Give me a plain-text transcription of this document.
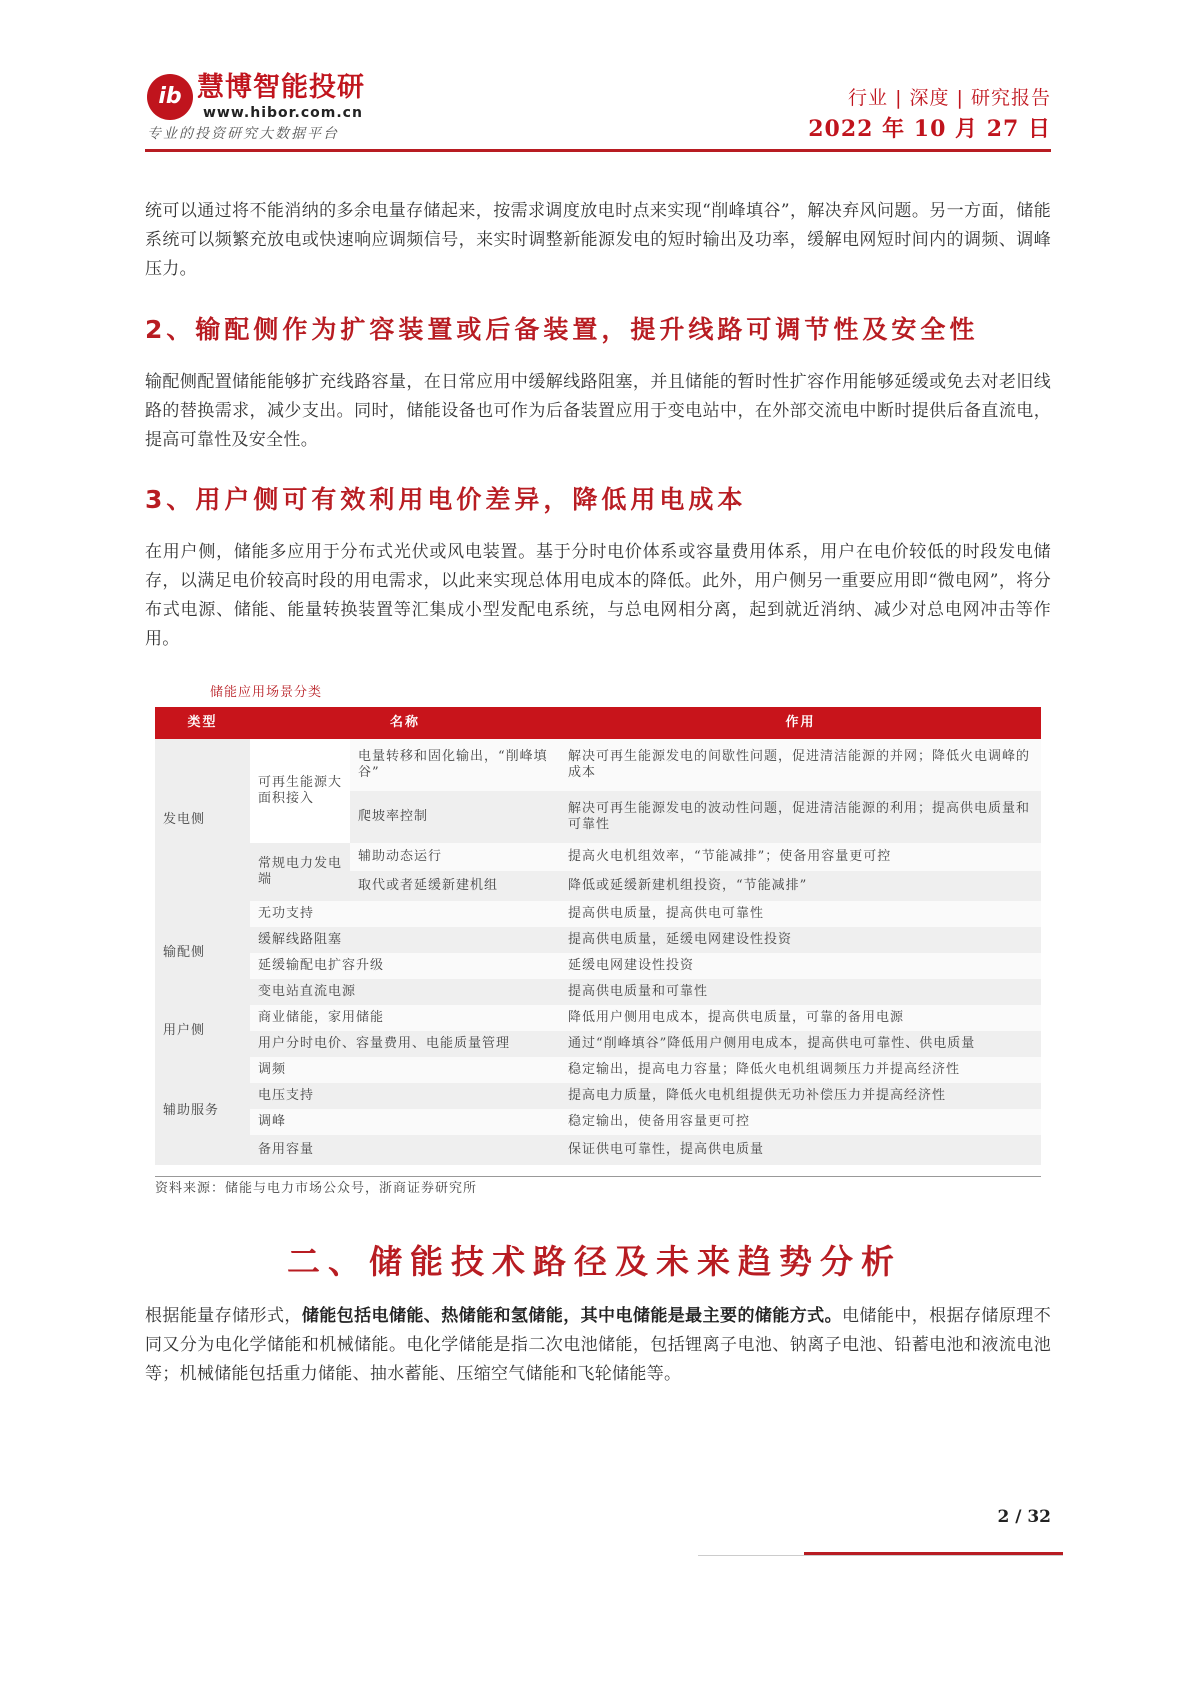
ib 慧博智能投研
www.hibor.com.cn
专业的投资研究大数据平台
行业 | 深度 | 研究报告
2022 年 10 月 27 日
统可以通过将不能消纳的多余电量存储起来，按需求调度放电时点来实现“削峰填谷”，解决弃风问题。另一方面，储能系统可以频繁充放电或快速响应调频信号，来实时调整新能源发电的短时输出及功率，缓解电网短时间内的调频、调峰压力。
2、输配侧作为扩容装置或后备装置，提升线路可调节性及安全性
输配侧配置储能能够扩充线路容量，在日常应用中缓解线路阻塞，并且储能的暂时性扩容作用能够延缓或免去对老旧线路的替换需求，减少支出。同时，储能设备也可作为后备装置应用于变电站中，在外部交流电中断时提供后备直流电，提高可靠性及安全性。
3、用户侧可有效利用电价差异，降低用电成本
在用户侧，储能多应用于分布式光伏或风电装置。基于分时电价体系或容量费用体系，用户在电价较低的时段发电储存，以满足电价较高时段的用电需求，以此来实现总体用电成本的降低。此外，用户侧另一重要应用即“微电网”，将分布式电源、储能、能量转换装置等汇集成小型发配电系统，与总电网相分离，起到就近消纳、减少对总电网冲击等作用。
储能应用场景分类
类型	名称		作用
发电侧	可再生能源大面积接入	电量转移和固化输出，“削峰填谷”	解决可再生能源发电的间歇性问题，促进清洁能源的并网；降低火电调峰的成本
		爬坡率控制	解决可再生能源发电的波动性问题，促进清洁能源的利用；提高供电质量和可靠性
	常规电力发电端	辅助动态运行	提高火电机组效率，“节能减排”；使备用容量更可控
		取代或者延缓新建机组	降低或延缓新建机组投资，“节能减排”
输配侧	无功支持		提高供电质量，提高供电可靠性
	缓解线路阻塞		提高供电质量，延缓电网建设性投资
	延缓输配电扩容升级		延缓电网建设性投资
	变电站直流电源		提高供电质量和可靠性
用户侧	商业储能，家用储能		降低用户侧用电成本，提高供电质量，可靠的备用电源
	用户分时电价、容量费用、电能质量管理		通过“削峰填谷”降低用户侧用电成本，提高供电可靠性、供电质量
辅助服务	调频		稳定输出，提高电力容量；降低火电机组调频压力并提高经济性
	电压支持		提高电力质量，降低火电机组提供无功补偿压力并提高经济性
	调峰		稳定输出，使备用容量更可控
	备用容量		保证供电可靠性，提高供电质量
资料来源：储能与电力市场公众号，浙商证券研究所
二、储能技术路径及未来趋势分析
根据能量存储形式，储能包括电储能、热储能和氢储能，其中电储能是最主要的储能方式。电储能中，根据存储原理不同又分为电化学储能和机械储能。电化学储能是指二次电池储能，包括锂离子电池、钠离子电池、铅蓄电池和液流电池等；机械储能包括重力储能、抽水蓄能、压缩空气储能和飞轮储能等。
2 / 32
